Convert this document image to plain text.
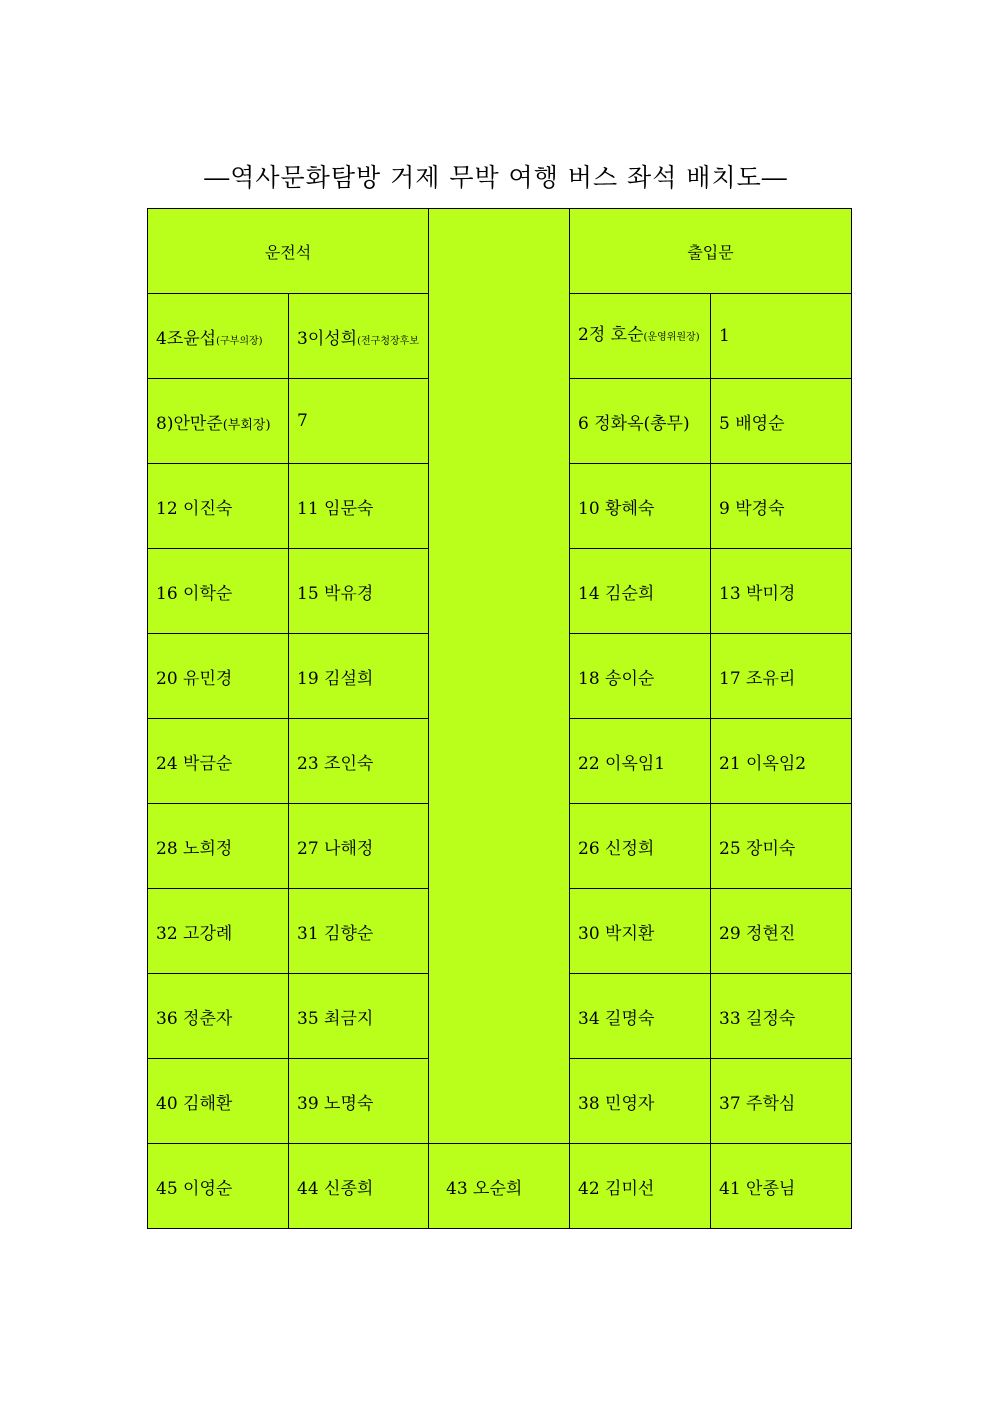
―역사문화탐방 거제 무박 여행 버스 좌석 배치도―
운전석			출입문	
4조윤섭(구부의장)	3이성희(전구청장후보		2정 호순(운영위원장)	1
8)안만준(부회장)	7		6 정화옥(총무)	5 배영순
12 이진숙	11 임문숙		10 황혜숙	9 박경숙
16 이학순	15 박유경		14 김순희	13 박미경
20 유민경	19 김설희		18 송이순	17 조유리
24 박금순	23 조인숙		22 이옥임1	21 이옥임2
28 노희정	27 나해정		26 신정희	25 장미숙
32 고강례	31 김향순		30 박지환	29 정현진
36 정춘자	35 최금지		34 길명숙	33 길정숙
40 김해환	39 노명숙		38 민영자	37 주학심
45 이영순	44 신종희	43 오순희	42 김미선	41 안종님
